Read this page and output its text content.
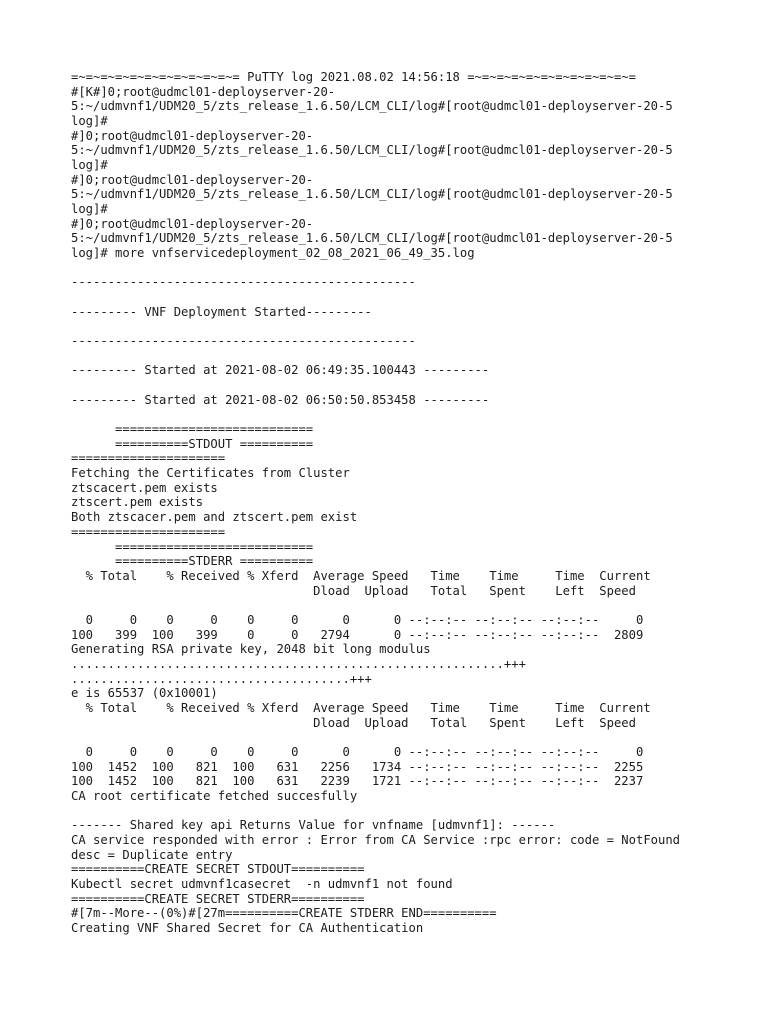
=~=~=~=~=~=~=~=~=~=~=~= PuTTY log 2021.08.02 14:56:18 =~=~=~=~=~=~=~=~=~=~=~=
#[K#]0;root@udmcl01-deployserver-20-
5:~/udmvnf1/UDM20_5/zts_release_1.6.50/LCM_CLI/log#[root@udmcl01-deployserver-20-5
log]#
#]0;root@udmcl01-deployserver-20-
5:~/udmvnf1/UDM20_5/zts_release_1.6.50/LCM_CLI/log#[root@udmcl01-deployserver-20-5
log]#
#]0;root@udmcl01-deployserver-20-
5:~/udmvnf1/UDM20_5/zts_release_1.6.50/LCM_CLI/log#[root@udmcl01-deployserver-20-5
log]#
#]0;root@udmcl01-deployserver-20-
5:~/udmvnf1/UDM20_5/zts_release_1.6.50/LCM_CLI/log#[root@udmcl01-deployserver-20-5
log]# more vnfservicedeployment_02_08_2021_06_49_35.log

-----------------------------------------------

--------- VNF Deployment Started---------

-----------------------------------------------

--------- Started at 2021-08-02 06:49:35.100443 ---------

--------- Started at 2021-08-02 06:50:50.853458 ---------

===========================
==========STDOUT ==========
=====================
Fetching the Certificates from Cluster
ztscacert.pem exists
ztscert.pem exists
Both ztscacer.pem and ztscert.pem exist
=====================
===========================
==========STDERR ==========
% Total    % Received % Xferd  Average Speed   Time    Time     Time  Current
Dload  Upload   Total   Spent    Left  Speed

0     0    0     0    0     0      0      0 --:--:-- --:--:-- --:--:--     0
100   399  100   399    0     0   2794      0 --:--:-- --:--:-- --:--:--  2809
Generating RSA private key, 2048 bit long modulus
...........................................................+++
......................................+++
e is 65537 (0x10001)
% Total    % Received % Xferd  Average Speed   Time    Time     Time  Current
Dload  Upload   Total   Spent    Left  Speed

0     0    0     0    0     0      0      0 --:--:-- --:--:-- --:--:--     0
100  1452  100   821  100   631   2256   1734 --:--:-- --:--:-- --:--:--  2255
100  1452  100   821  100   631   2239   1721 --:--:-- --:--:-- --:--:--  2237
CA root certificate fetched succesfully

------- Shared key api Returns Value for vnfname [udmvnf1]: ------
CA service responded with error : Error from CA Service :rpc error: code = NotFound
desc = Duplicate entry
==========CREATE SECRET STDOUT==========
Kubectl secret udmvnf1casecret  -n udmvnf1 not found
==========CREATE SECRET STDERR==========
#[7m--More--(0%)#[27m==========CREATE STDERR END==========
Creating VNF Shared Secret for CA Authentication
